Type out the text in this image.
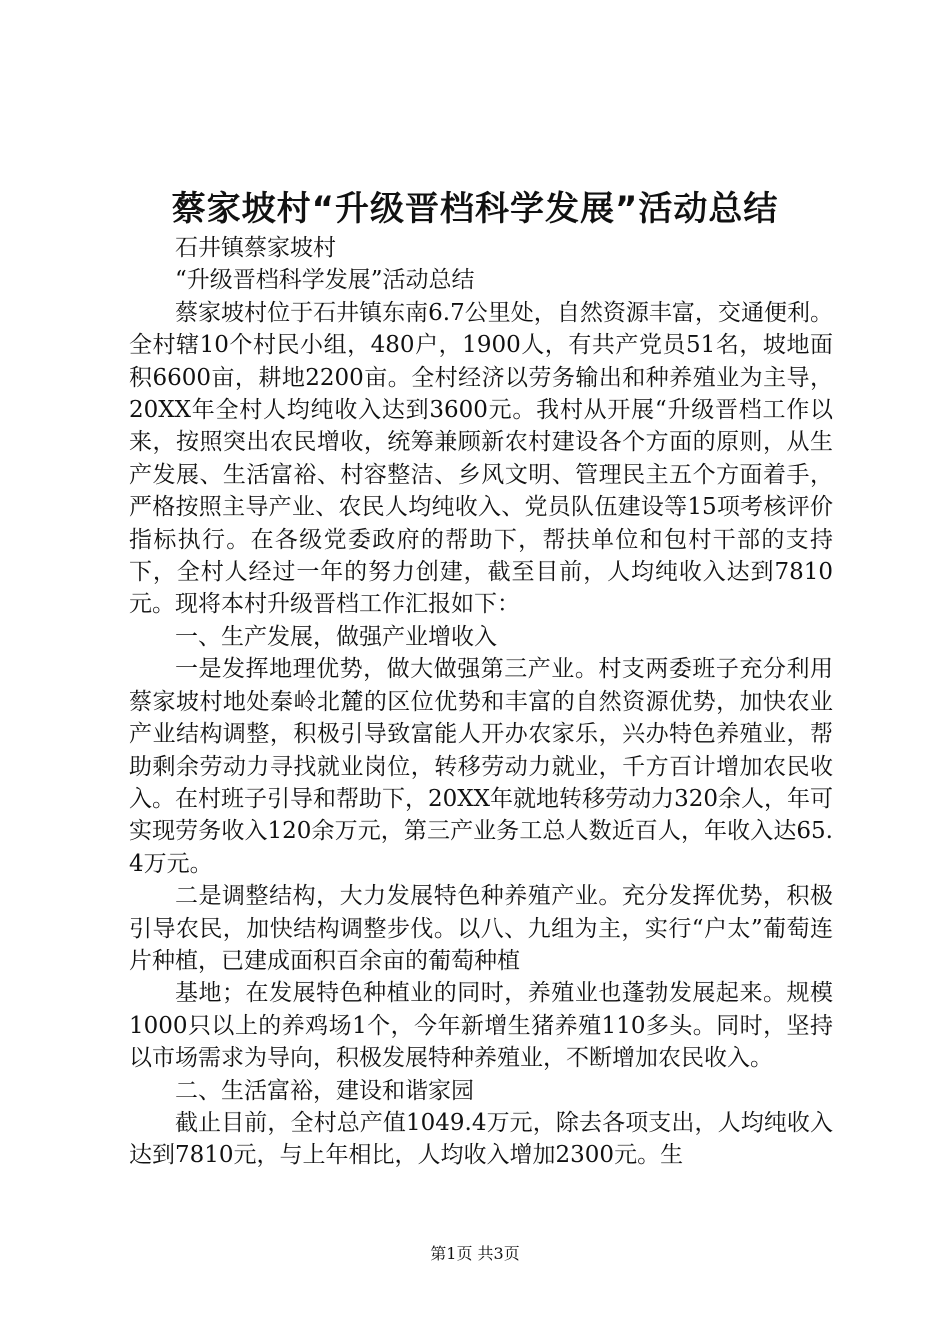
蔡家坡村“升级晋档科学发展”活动总结

石井镇蔡家坡村

“升级晋档科学发展”活动总结

蔡家坡村位于石井镇东南6.7公里处，自然资源丰富，交通便利。全村辖10个村民小组，480户，1900人，有共产党员51名，坡地面积6600亩，耕地2200亩。全村经济以劳务输出和种养殖业为主导，20XX年全村人均纯收入达到3600元。我村从开展“升级晋档工作以来，按照突出农民增收，统筹兼顾新农村建设各个方面的原则，从生产发展、生活富裕、村容整洁、乡风文明、管理民主五个方面着手，严格按照主导产业、农民人均纯收入、党员队伍建设等15项考核评价指标执行。在各级党委政府的帮助下，帮扶单位和包村干部的支持下，全村人经过一年的努力创建，截至目前，人均纯收入达到7810元。现将本村升级晋档工作汇报如下：

一、生产发展，做强产业增收入

一是发挥地理优势，做大做强第三产业。村支两委班子充分利用蔡家坡村地处秦岭北麓的区位优势和丰富的自然资源优势，加快农业产业结构调整，积极引导致富能人开办农家乐，兴办特色养殖业，帮助剩余劳动力寻找就业岗位，转移劳动力就业，千方百计增加农民收入。在村班子引导和帮助下，20XX年就地转移劳动力320余人，年可实现劳务收入120余万元，第三产业务工总人数近百人，年收入达65.4万元。

二是调整结构，大力发展特色种养殖产业。充分发挥优势，积极引导农民，加快结构调整步伐。以八、九组为主，实行“户太”葡萄连片种植，已建成面积百余亩的葡萄种植

基地；在发展特色种植业的同时，养殖业也蓬勃发展起来。规模1000只以上的养鸡场1个，今年新增生猪养殖110多头。同时，坚持以市场需求为导向，积极发展特种养殖业，不断增加农民收入。

二、生活富裕，建设和谐家园

截止目前，全村总产值1049.4万元，除去各项支出，人均纯收入达到7810元，与上年相比，人均收入增加2300元。生

第1页 共3页
